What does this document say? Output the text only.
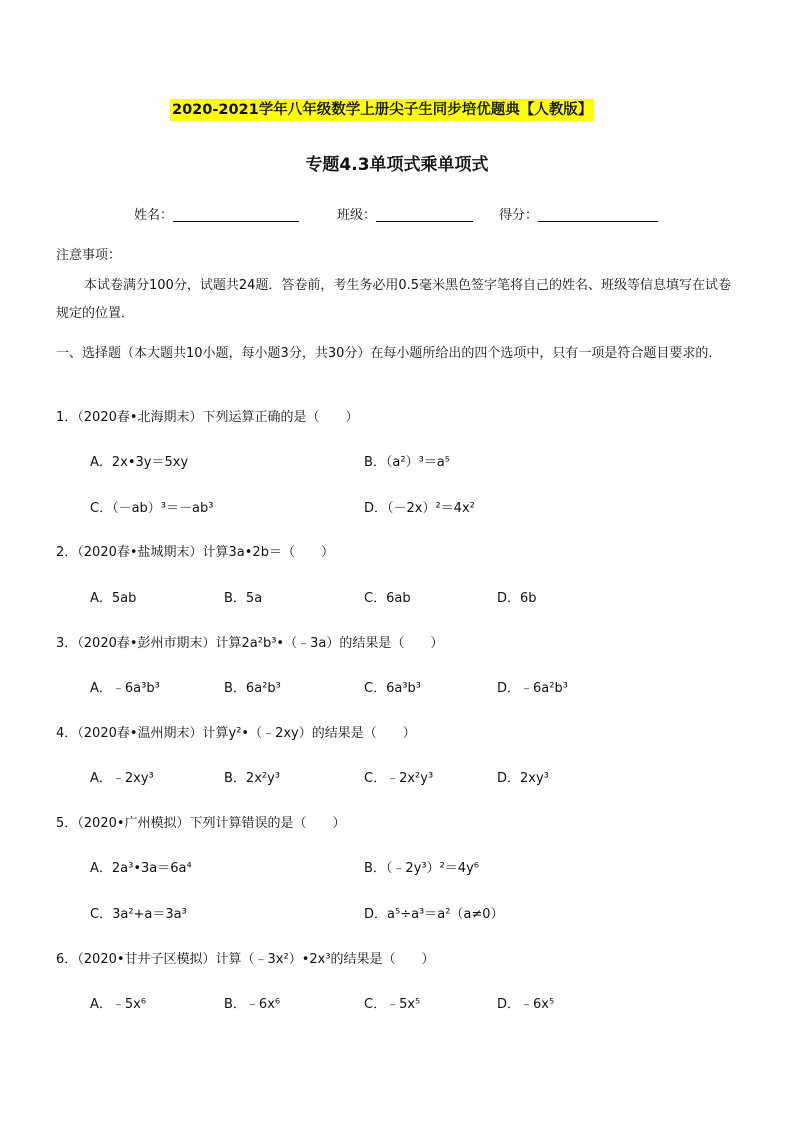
2020-2021学年八年级数学上册尖子生同步培优题典【人教版】
专题4.3单项式乘单项式
姓名：	班级：	得分：
注意事项：
本试卷满分100分，试题共24题．答卷前，考生务必用0.5毫米黑色签字笔将自己的姓名、班级等信息填写在试卷规定的位置．
一、选择题（本大题共10小题，每小题3分，共30分）在每小题所给出的四个选项中，只有一项是符合题目要求的．
1．（2020春•北海期末）下列运算正确的是（　　）
A．2x•3y＝5xy	B．（a²）³＝a⁵
C．（－ab）³＝－ab³	D．（－2x）²＝4x²
2．（2020春•盐城期末）计算3a•2b＝（　　）
A．5ab	B．5a	C．6ab	D．6b
3．（2020春•彭州市期末）计算2a²b³•（﹣3a）的结果是（　　）
A．﹣6a³b³	B．6a²b³	C．6a³b³	D．﹣6a²b³
4．（2020春•温州期末）计算y²•（﹣2xy）的结果是（　　）
A．﹣2xy³	B．2x²y³	C．﹣2x²y³	D．2xy³
5．（2020•广州模拟）下列计算错误的是（　　）
A．2a³•3a＝6a⁴	B．（﹣2y³）²＝4y⁶
C．3a²+a＝3a³	D．a⁵÷a³＝a²（a≠0）
6．（2020•甘井子区模拟）计算（﹣3x²）•2x³的结果是（　　）
A．﹣5x⁶	B．﹣6x⁶	C．﹣5x⁵	D．﹣6x⁵
